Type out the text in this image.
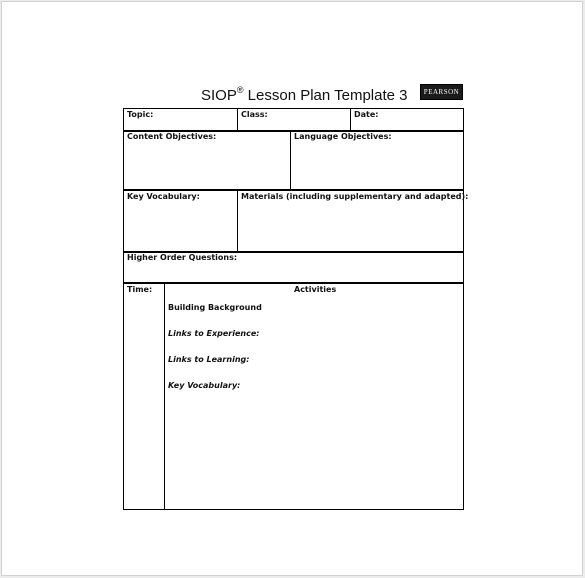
SIOP® Lesson Plan Template 3 PEARSON
Topic:	Class:	Date:
Content Objectives:	Language Objectives:
Key Vocabulary:	Materials (including supplementary and adapted):
Higher Order Questions:
Time:	Activities
Building Background
Links to Experience:
Links to Learning:
Key Vocabulary:
